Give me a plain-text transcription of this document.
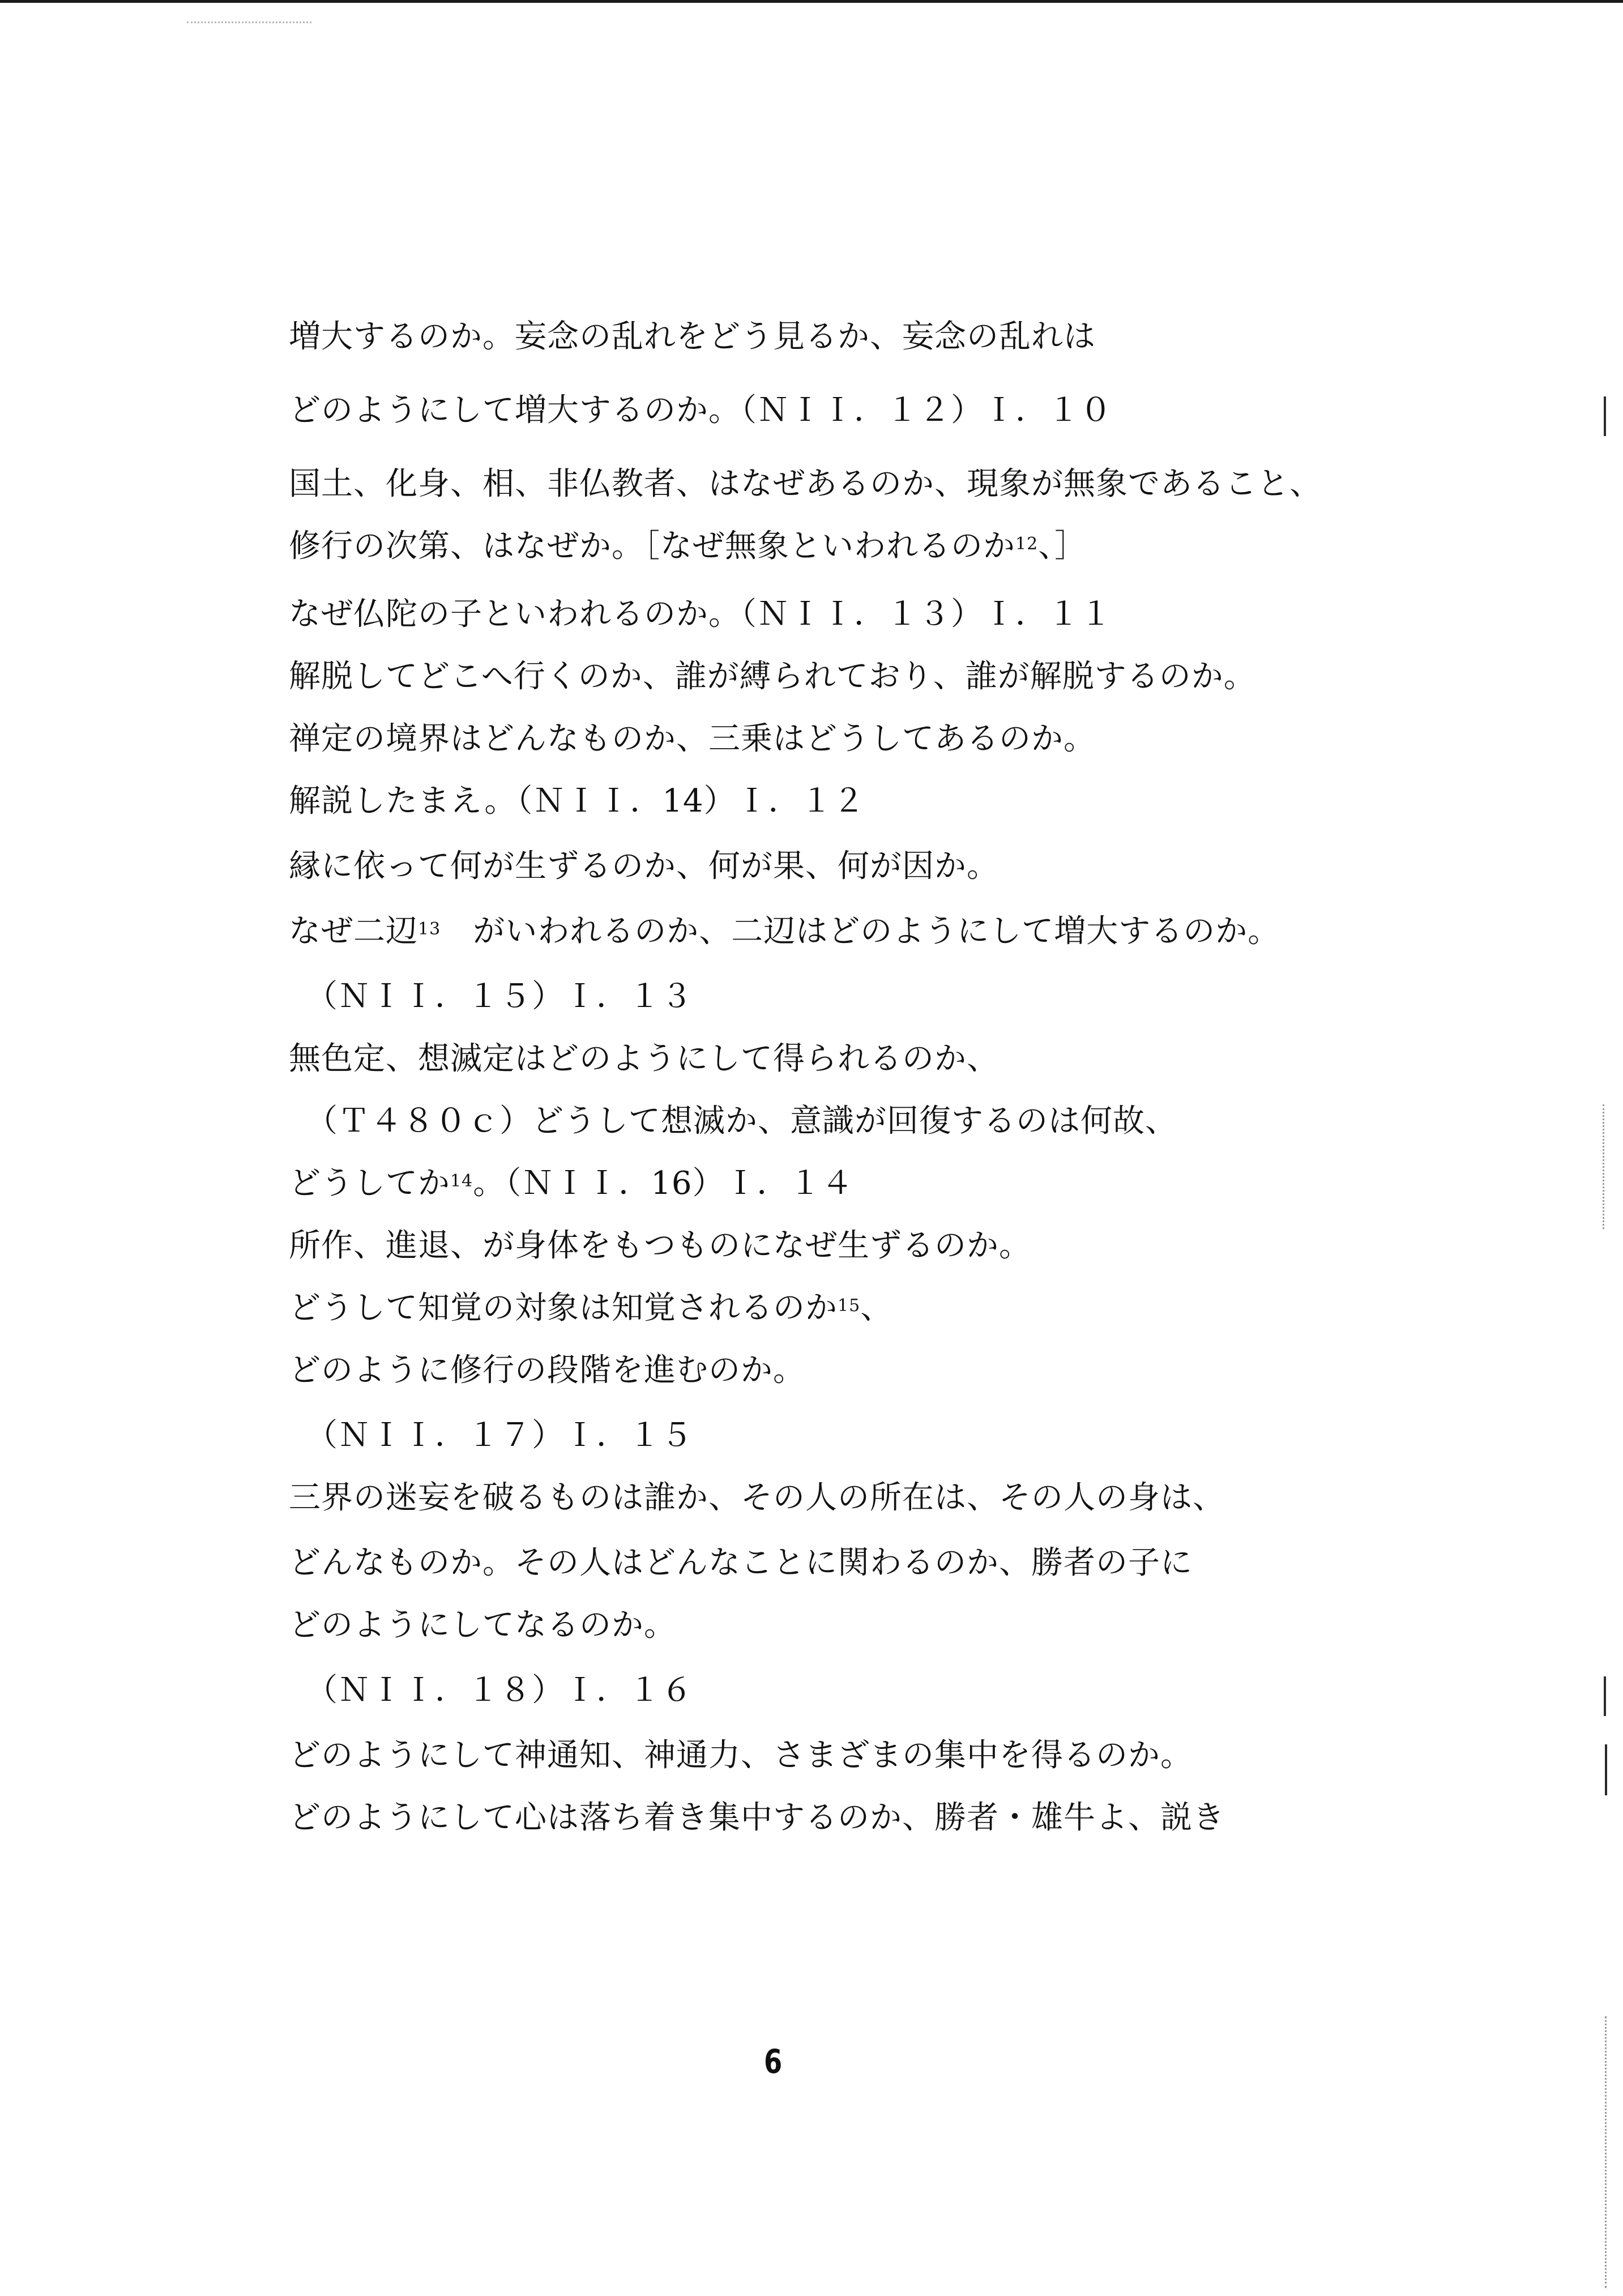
増大するのか。妄念の乱れをどう見るか、妄念の乱れは
どのようにして増大するのか。（ＮＩＩ．１２）Ｉ．１０
国土、化身、相、非仏教者、はなぜあるのか、現象が無象であること、
修行の次第、はなぜか。［なぜ無象といわれるのか$^{12}$、］
なぜ仏陀の子といわれるのか。（ＮＩＩ．１３）Ｉ．１１
解脱してどこへ行くのか、誰が縛られており、誰が解脱するのか。
禅定の境界はどんなものか、三乗はどうしてあるのか。
解説したまえ。（ＮＩＩ．14）Ｉ．１２
縁に依って何が生ずるのか、何が果、何が因か。
なぜ二辺$^{13}$　がいわれるのか、二辺はどのようにして増大するのか。
（ＮＩＩ．１５）Ｉ．１３
無色定、想滅定はどのようにして得られるのか、
（Ｔ４８０ｃ）どうして想滅か、意識が回復するのは何故、
どうしてか$^{14}$。（ＮＩＩ．16）Ｉ．１４
所作、進退、が身体をもつものになぜ生ずるのか。
どうして知覚の対象は知覚されるのか$^{15}$、
どのように修行の段階を進むのか。
（ＮＩＩ．１７）Ｉ．１５
三界の迷妄を破るものは誰か、その人の所在は、その人の身は、
どんなものか。その人はどんなことに関わるのか、勝者の子に
どのようにしてなるのか。
（ＮＩＩ．１８）Ｉ．１６
どのようにして神通知、神通力、さまざまの集中を得るのか。
どのようにして心は落ち着き集中するのか、勝者・雄牛よ、説き
6
